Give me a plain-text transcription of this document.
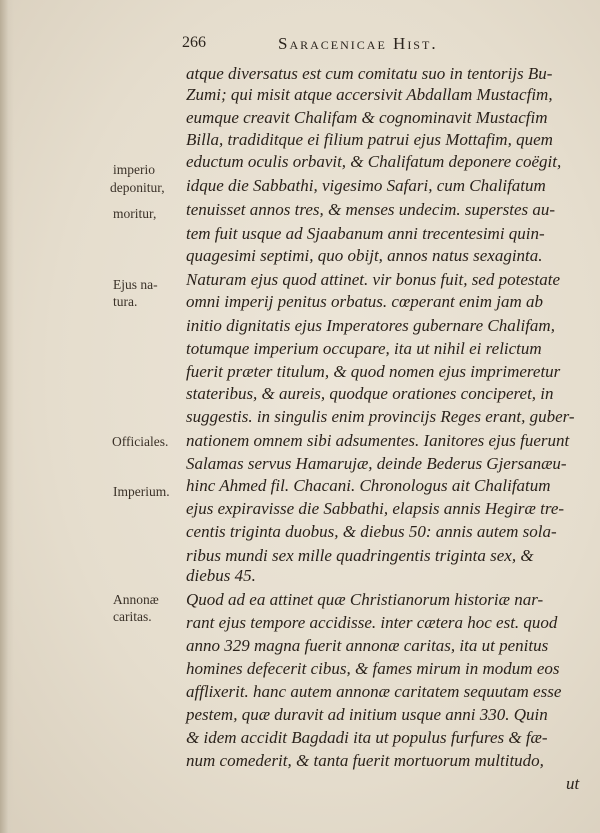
266	Saracenicae Hist.
imperio
deponitur,
moritur,
Ejus na-
tura.
Officiales.
Imperium.
Annonæ
caritas.
atque diversatus est cum comitatu suo in tentorijs Bu-
Zumi; qui misit atque accersivit Abdallam Mustacfim,
eumque creavit Chalifam & cognominavit Mustacfim
Billa, tradiditque ei filium patrui ejus Mottafim, quem
eductum oculis orbavit, & Chalifatum deponere coëgit,
idque die Sabbathi, vigesimo Safari, cum Chalifatum
tenuisset annos tres, & menses undecim. superstes au-
tem fuit usque ad Sjaabanum anni trecentesimi quin-
quagesimi septimi, quo obijt, annos natus sexaginta.
Naturam ejus quod attinet. vir bonus fuit, sed potestate
omni imperij penitus orbatus. cœperant enim jam ab
initio dignitatis ejus Imperatores gubernare Chalifam,
totumque imperium occupare, ita ut nihil ei relictum
fuerit præter titulum, & quod nomen ejus imprimeretur
stateribus, & aureis, quodque orationes conciperet, in
suggestis. in singulis enim provincijs Reges erant, guber-
nationem omnem sibi adsumentes. Ianitores ejus fuerunt
Salamas servus Hamarujæ, deinde Bederus Gjersanæu-
hinc Ahmed fil. Chacani. Chronologus ait Chalifatum
ejus expiravisse die Sabbathi, elapsis annis Hegiræ tre-
centis triginta duobus, & diebus 50: annis autem sola-
ribus mundi sex mille quadringentis triginta sex, &
diebus 45.
Quod ad ea attinet quæ Christianorum historiæ nar-
rant ejus tempore accidisse. inter cætera hoc est. quod
anno 329 magna fuerit annonæ caritas, ita ut penitus
homines defecerit cibus, & fames mirum in modum eos
afflixerit. hanc autem annonæ caritatem sequutam esse
pestem, quæ duravit ad initium usque anni 330. Quin
& idem accidit Bagdadi ita ut populus furfures & fæ-
num comederit, & tanta fuerit mortuorum multitudo,
ut
